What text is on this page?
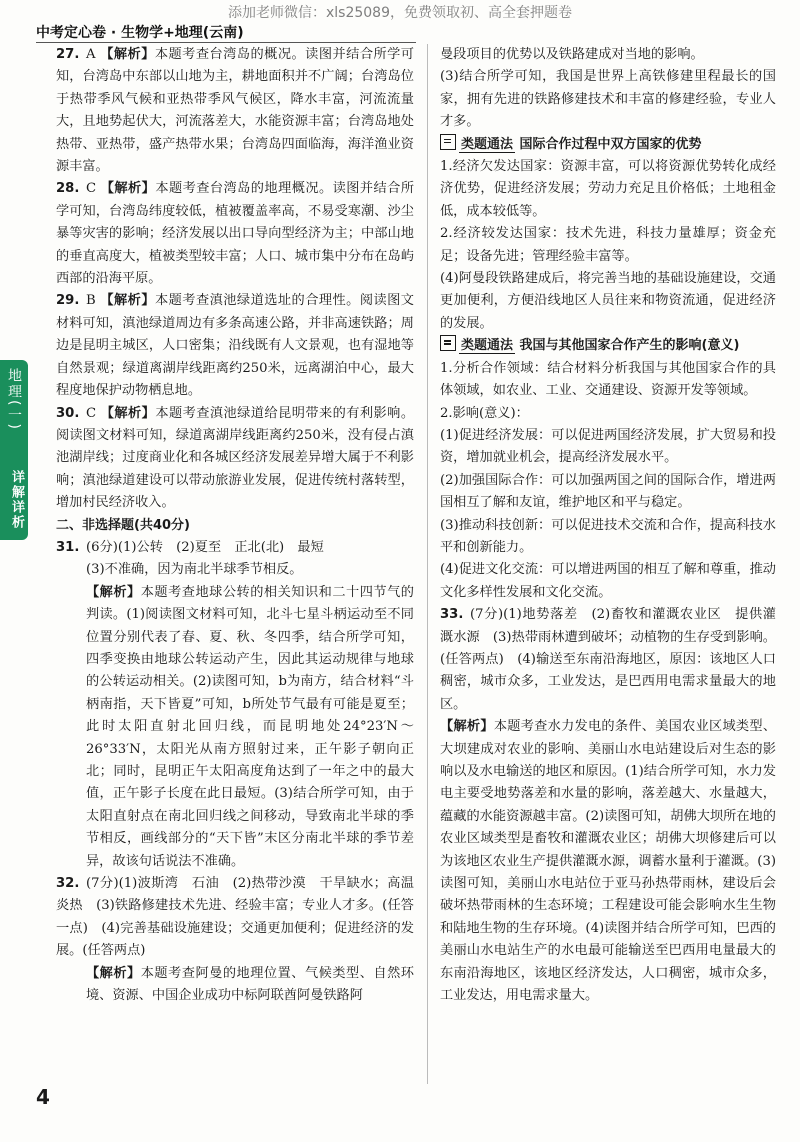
添加老师微信：xls25089，免费领取初、高全套押题卷
中考定心卷 · 生物学+地理(云南)
地理(一)
详解详析

27. A 【解析】本题考查台湾岛的概况。读图并结合所学可知，台湾岛中东部以山地为主，耕地面积并不广阔；台湾岛位于热带季风气候和亚热带季风气候区，降水丰富，河流流量大，且地势起伏大，河流落差大，水能资源丰富；台湾岛地处热带、亚热带，盛产热带水果；台湾岛四面临海，海洋渔业资源丰富。

28. C 【解析】本题考查台湾岛的地理概况。读图并结合所学可知，台湾岛纬度较低，植被覆盖率高，不易受寒潮、沙尘暴等灾害的影响；经济发展以出口导向型经济为主；中部山地的垂直高度大，植被类型较丰富；人口、城市集中分布在岛屿西部的沿海平原。

29. B 【解析】本题考查滇池绿道选址的合理性。阅读图文材料可知，滇池绿道周边有多条高速公路，并非高速铁路；周边是昆明主城区，人口密集；沿线既有人文景观，也有湿地等自然景观；绿道离湖岸线距离约250米，远离湖泊中心，最大程度地保护动物栖息地。

30. C 【解析】本题考查滇池绿道给昆明带来的有利影响。阅读图文材料可知，绿道离湖岸线距离约250米，没有侵占滇池湖岸线；过度商业化和各城区经济发展差异增大属于不利影响；滇池绿道建设可以带动旅游业发展，促进传统村落转型，增加村民经济收入。

二、非选择题(共40分)

31. (6分)(1)公转　(2)夏至　正北(北)　最短

(3)不准确，因为南北半球季节相反。

【解析】本题考查地球公转的相关知识和二十四节气的判读。(1)阅读图文材料可知，北斗七星斗柄运动至不同位置分别代表了春、夏、秋、冬四季，结合所学可知，四季变换由地球公转运动产生，因此其运动规律与地球的公转运动相关。(2)读图可知，b为南方，结合材料“斗柄南指，天下皆夏”可知，b所处节气最有可能是夏至；此时太阳直射北回归线，而昆明地处24°23′N～26°33′N，太阳光从南方照射过来，正午影子朝向正北；同时，昆明正午太阳高度角达到了一年之中的最大值，正午影子长度在此日最短。(3)结合所学可知，由于太阳直射点在南北回归线之间移动，导致南北半球的季节相反，画线部分的“天下皆”末区分南北半球的季节差异，故该句话说法不准确。

32. (7分)(1)波斯湾　石油　(2)热带沙漠　干旱缺水；高温炎热　(3)铁路修建技术先进、经验丰富；专业人才多。(任答一点)　(4)完善基础设施建设；交通更加便利；促进经济的发展。(任答两点)

【解析】本题考查阿曼的地理位置、气候类型、自然环境、资源、中国企业成功中标阿联酋阿曼铁路阿

曼段项目的优势以及铁路建成对当地的影响。

(3)结合所学可知，我国是世界上高铁修建里程最长的国家，拥有先进的铁路修建技术和丰富的修建经验，专业人才多。

类题通法 国际合作过程中双方国家的优势

1.经济欠发达国家：资源丰富，可以将资源优势转化成经济优势，促进经济发展；劳动力充足且价格低；土地租金低，成本较低等。

2.经济较发达国家：技术先进，科技力量雄厚；资金充足；设备先进；管理经验丰富等。

(4)阿曼段铁路建成后，将完善当地的基础设施建设，交通更加便利，方便沿线地区人员往来和物资流通，促进经济的发展。

类题通法 我国与其他国家合作产生的影响(意义)

1.分析合作领域：结合材料分析我国与其他国家合作的具体领域，如农业、工业、交通建设、资源开发等领域。

2.影响(意义)：

(1)促进经济发展：可以促进两国经济发展，扩大贸易和投资，增加就业机会，提高经济发展水平。

(2)加强国际合作：可以加强两国之间的国际合作，增进两国相互了解和友谊，维护地区和平与稳定。

(3)推动科技创新：可以促进技术交流和合作，提高科技水平和创新能力。

(4)促进文化交流：可以增进两国的相互了解和尊重，推动文化多样性发展和文化交流。

33. (7分)(1)地势落差　(2)畜牧和灌溉农业区　提供灌溉水源　(3)热带雨林遭到破坏；动植物的生存受到影响。(任答两点)　(4)输送至东南沿海地区，原因：该地区人口稠密，城市众多，工业发达，是巴西用电需求量最大的地区。

【解析】本题考查水力发电的条件、美国农业区域类型、大坝建成对农业的影响、美丽山水电站建设后对生态的影响以及水电输送的地区和原因。(1)结合所学可知，水力发电主要受地势落差和水量的影响，落差越大、水量越大，蕴藏的水能资源越丰富。(2)读图可知，胡佛大坝所在地的农业区域类型是畜牧和灌溉农业区；胡佛大坝修建后可以为该地区农业生产提供灌溉水源，调蓄水量利于灌溉。(3)读图可知，美丽山水电站位于亚马孙热带雨林，建设后会破坏热带雨林的生态环境；工程建设可能会影响水生生物和陆地生物的生存环境。(4)读图并结合所学可知，巴西的美丽山水电站生产的水电最可能输送至巴西用电量最大的东南沿海地区，该地区经济发达，人口稠密，城市众多，工业发达，用电需求量大。

4
